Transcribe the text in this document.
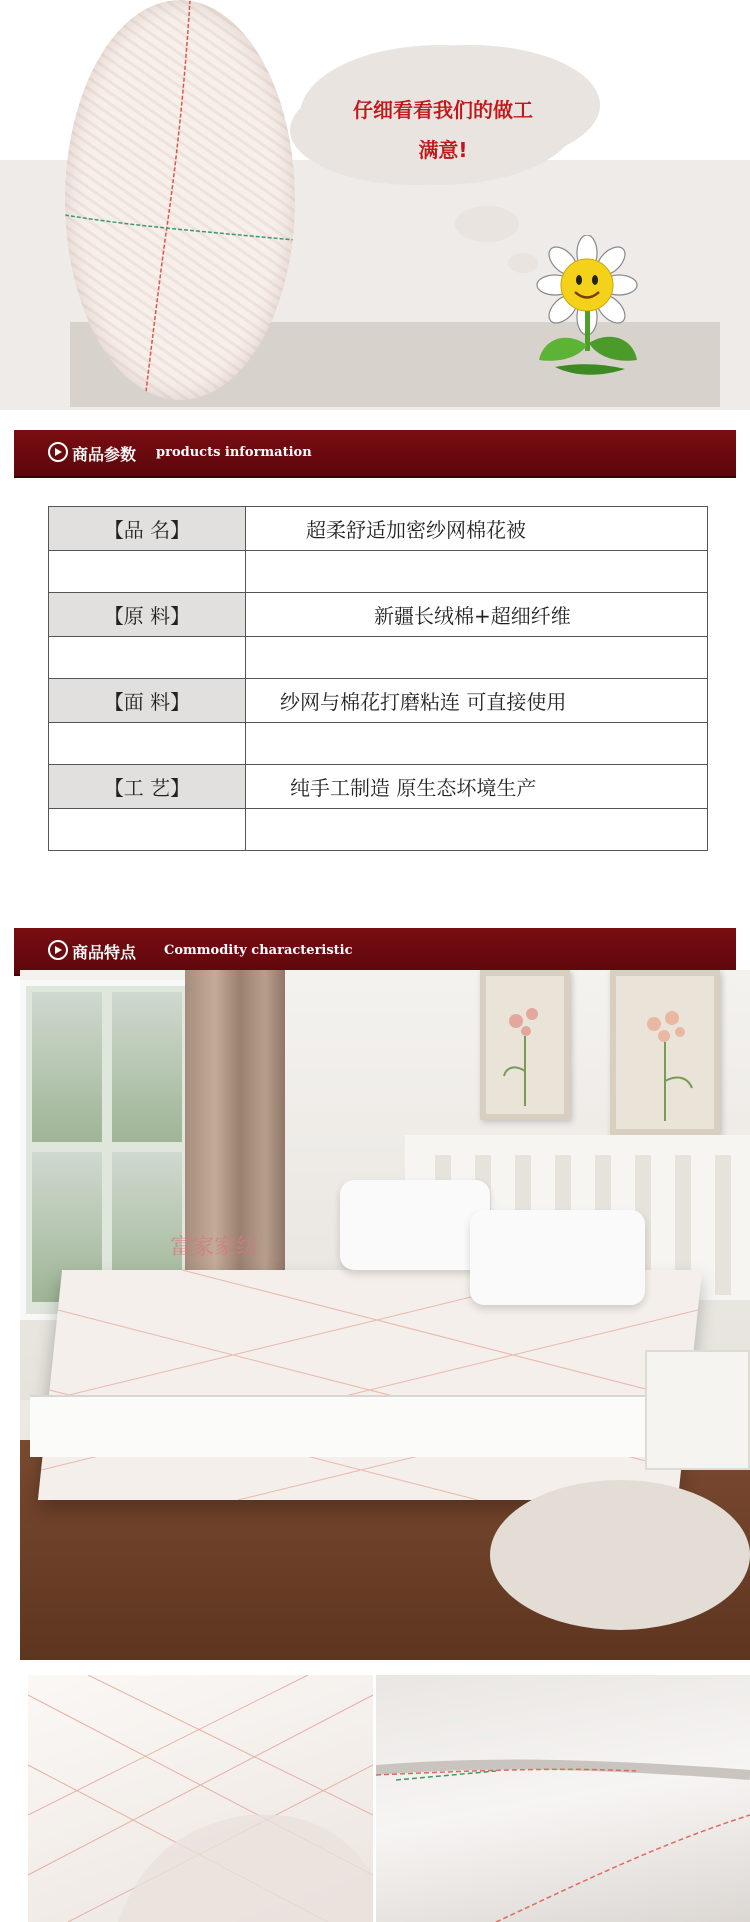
仔细看看我们的做工
满意!
商品参数 products information
【品 名】	超柔舒适加密纱网棉花被

【原 料】	新疆长绒棉+超细纤维

【面 料】	纱网与棉花打磨粘连 可直接使用

【工 艺】	纯手工制造 原生态坏境生产

商品特点 Commodity characteristic
富家家纺
